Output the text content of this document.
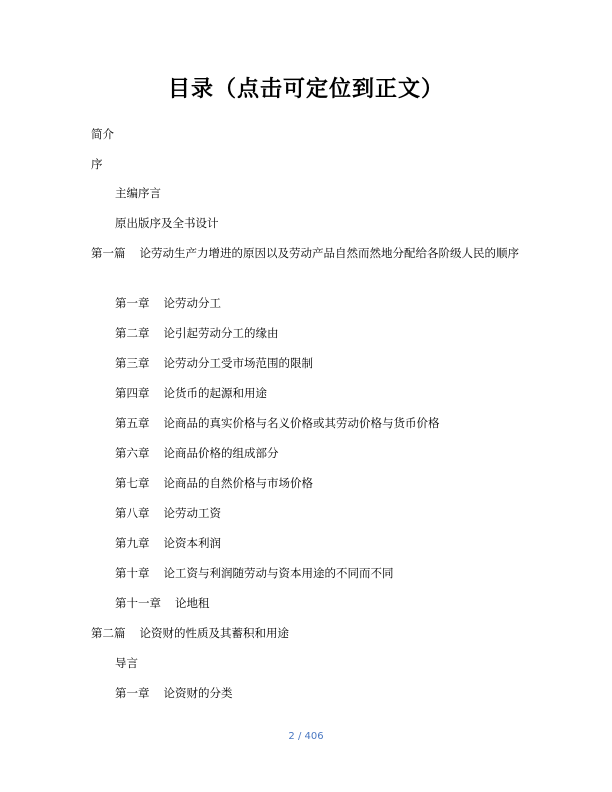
目录（点击可定位到正文）
简介
序
主编序言
原出版序及全书设计
第一篇 论劳动生产力增进的原因以及劳动产品自然而然地分配给各阶级人民的顺序
第一章 论劳动分工
第二章 论引起劳动分工的缘由
第三章 论劳动分工受市场范围的限制
第四章 论货币的起源和用途
第五章 论商品的真实价格与名义价格或其劳动价格与货币价格
第六章 论商品价格的组成部分
第七章 论商品的自然价格与市场价格
第八章 论劳动工资
第九章 论资本利润
第十章 论工资与利润随劳动与资本用途的不同而不同
第十一章 论地租
第二篇 论资财的性质及其蓄积和用途
导言
第一章 论资财的分类
2 / 406
